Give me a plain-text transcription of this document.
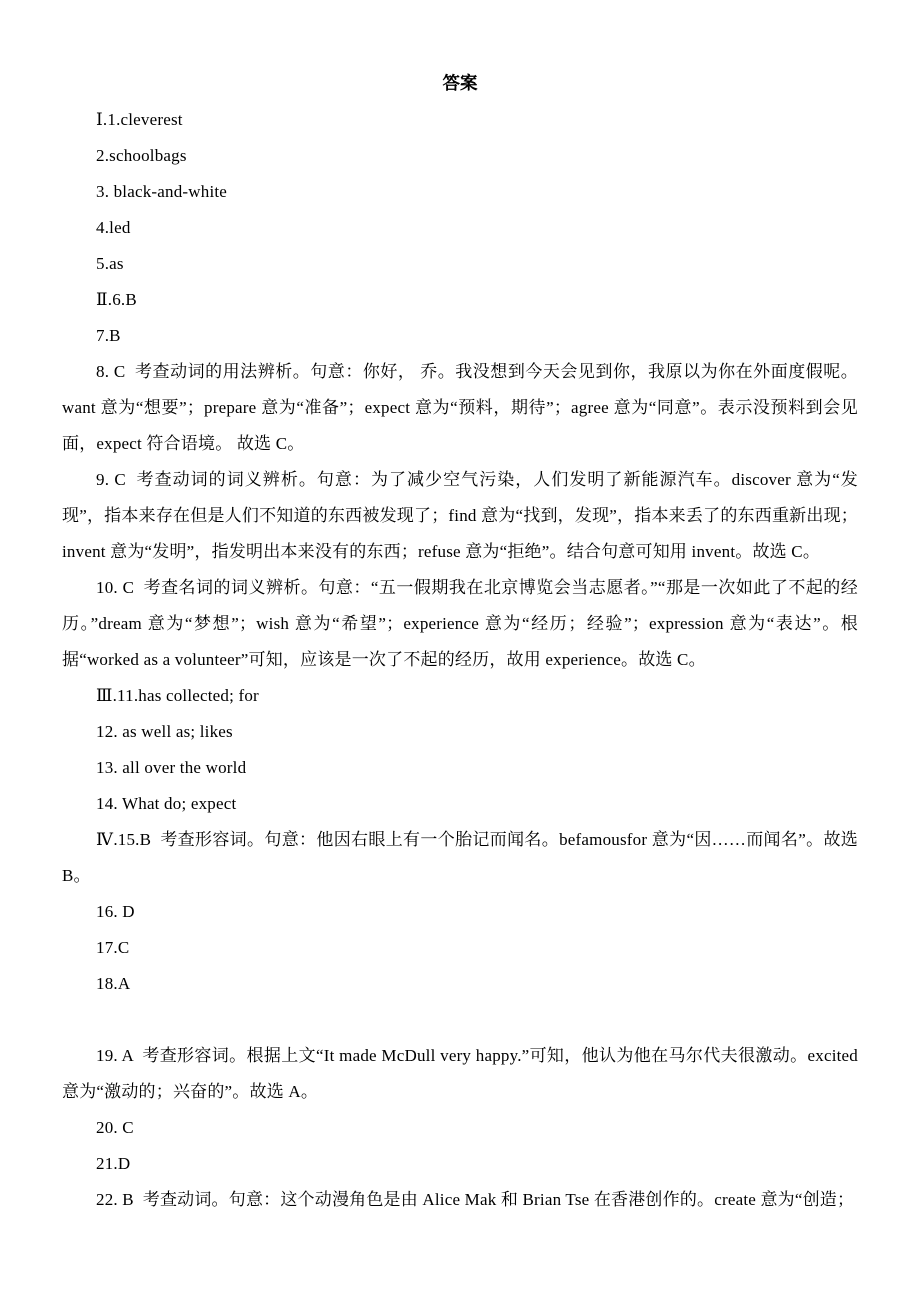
答案

Ⅰ.1.cleverest

2.schoolbags

3. black-and-white

4.led

5.as

Ⅱ.6.B

7.B

8. C  考查动词的用法辨析。句意：你好， 乔。我没想到今天会见到你，我原以为你在外面度假呢。want 意为“想要”；prepare 意为“准备”；expect 意为“预料，期待”；agree 意为“同意”。表示没预料到会见面，expect 符合语境。 故选 C。

9. C  考查动词的词义辨析。句意：为了减少空气污染，人们发明了新能源汽车。discover 意为“发现”，指本来存在但是人们不知道的东西被发现了；find 意为“找到，发现”，指本来丢了的东西重新出现；invent 意为“发明”，指发明出本来没有的东西；refuse 意为“拒绝”。结合句意可知用 invent。故选 C。

10. C  考查名词的词义辨析。句意：“五一假期我在北京博览会当志愿者。”“那是一次如此了不起的经历。”dream 意为“梦想”；wish 意为“希望”；experience 意为“经历；经验”；expression 意为“表达”。根据“worked as a volunteer”可知，应该是一次了不起的经历，故用 experience。故选 C。

Ⅲ.11.has collected; for

12. as well as; likes

13. all over the world

14. What do; expect

Ⅳ.15.B  考查形容词。句意：他因右眼上有一个胎记而闻名。befamousfor 意为“因……而闻名”。故选 B。

16. D

17.C

18.A

19. A  考查形容词。根据上文“It made McDull very happy.”可知，他认为他在马尔代夫很激动。excited 意为“激动的；兴奋的”。故选 A。

20. C

21.D

22. B  考查动词。句意：这个动漫角色是由 Alice Mak 和 Brian Tse 在香港创作的。create 意为“创造；
